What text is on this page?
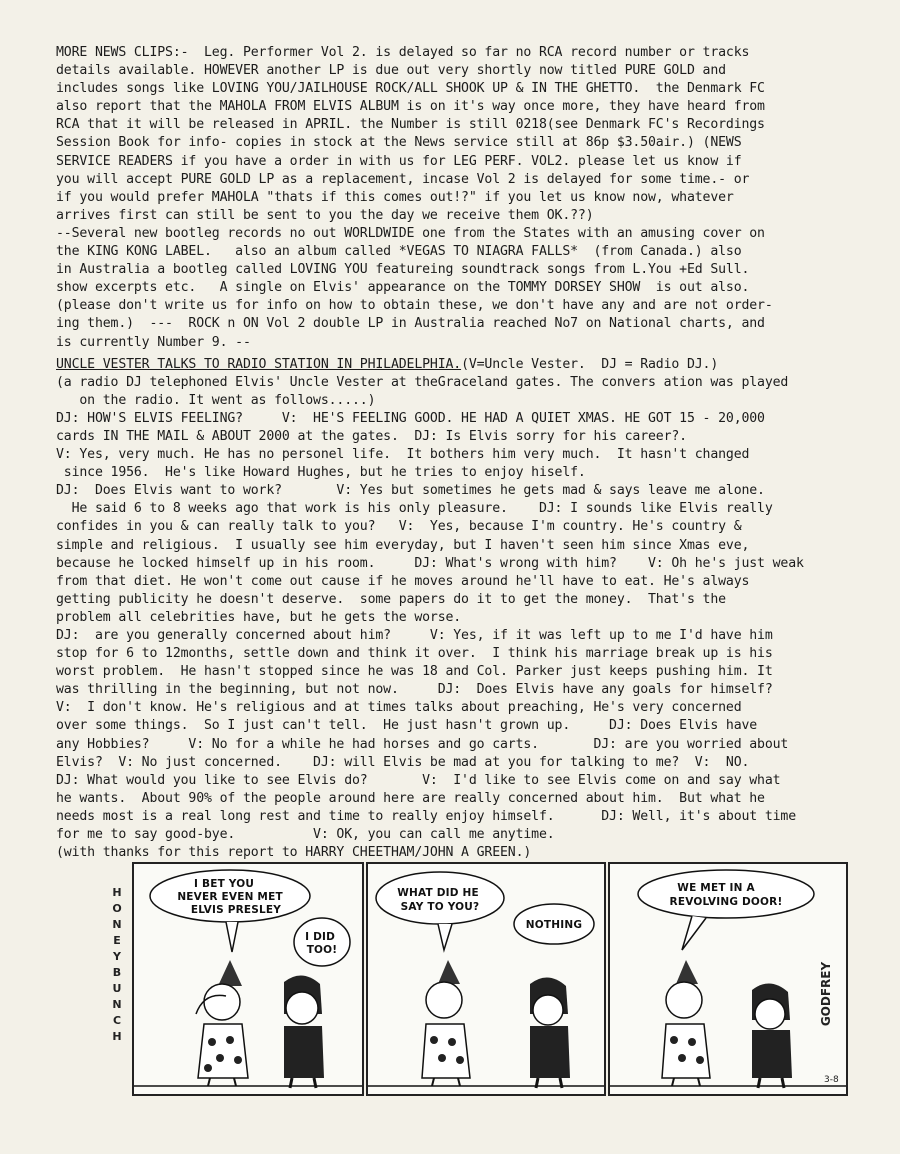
MORE NEWS CLIPS:-  Leg. Performer Vol 2. is delayed so far no RCA record number or tracks
details available. HOWEVER another LP is due out very shortly now titled PURE GOLD and
includes songs like LOVING YOU/JAILHOUSE ROCK/ALL SHOOK UP & IN THE GHETTO.  the Denmark FC
also report that the MAHOLA FROM ELVIS ALBUM is on it's way once more, they have heard from
RCA that it will be released in APRIL. the Number is still 0218(see Denmark FC's Recordings
Session Book for info- copies in stock at the News service still at 86p $3.50air.) (NEWS
SERVICE READERS if you have a order in with us for LEG PERF. VOL2. please let us know if
you will accept PURE GOLD LP as a replacement, incase Vol 2 is delayed for some time.- or
if you would prefer MAHOLA "thats if this comes out!?" if you let us know now, whatever
arrives first can still be sent to you the day we receive them OK.??)
--Several new bootleg records no out WORLDWIDE one from the States with an amusing cover on
the KING KONG LABEL.   also an album called *VEGAS TO NIAGRA FALLS*  (from Canada.) also
in Australia a bootleg called LOVING YOU featureing soundtrack songs from L.You +Ed Sull.
show excerpts etc.   A single on Elvis' appearance on the TOMMY DORSEY SHOW  is out also.
(please don't write us for info on how to obtain these, we don't have any and are not order-
ing them.)  ---  ROCK n ON Vol 2 double LP in Australia reached No7 on National charts, and
is currently Number 9. --
UNCLE VESTER TALKS TO RADIO STATION IN PHILADELPHIA.(V=Uncle Vester.  DJ = Radio DJ.)
(a radio DJ telephoned Elvis' Uncle Vester at theGraceland gates. The convers ation was played
on the radio. It went as follows.....)
DJ: HOW'S ELVIS FEELING?     V:  HE'S FEELING GOOD. HE HAD A QUIET XMAS. HE GOT 15 - 20,000
cards IN THE MAIL & ABOUT 2000 at the gates.  DJ: Is Elvis sorry for his career?.
V: Yes, very much. He has no personel life.  It bothers him very much.  It hasn't changed
since 1956.  He's like Howard Hughes, but he tries to enjoy hiself.
DJ:  Does Elvis want to work?       V: Yes but sometimes he gets mad & says leave me alone.
He said 6 to 8 weeks ago that work is his only pleasure.    DJ: I sounds like Elvis really
confides in you & can really talk to you?   V:  Yes, because I'm country. He's country &
simple and religious.  I usually see him everyday, but I haven't seen him since Xmas eve,
because he locked himself up in his room.     DJ: What's wrong with him?    V: Oh he's just weak
from that diet. He won't come out cause if he moves around he'll have to eat. He's always
getting publicity he doesn't deserve.  some papers do it to get the money.  That's the
problem all celebrities have, but he gets the worse.
DJ:  are you generally concerned about him?     V: Yes, if it was left up to me I'd have him
stop for 6 to 12months, settle down and think it over.  I think his marriage break up is his
worst problem.  He hasn't stopped since he was 18 and Col. Parker just keeps pushing him. It
was thrilling in the beginning, but not now.     DJ:  Does Elvis have any goals for himself?
V:  I don't know. He's religious and at times talks about preaching, He's very concerned
over some things.  So I just can't tell.  He just hasn't grown up.     DJ: Does Elvis have
any Hobbies?     V: No for a while he had horses and go carts.       DJ: are you worried about
Elvis?  V: No just concerned.    DJ: will Elvis be mad at you for talking to me?  V:  NO.
DJ: What would you like to see Elvis do?       V:  I'd like to see Elvis come on and say what
he wants.  About 90% of the people around here are really concerned about him.  But what he
needs most is a real long rest and time to really enjoy himself.      DJ: Well, it's about time
for me to say good-bye.          V: OK, you can call me anytime.
(with thanks for this report to HARRY CHEETHAM/JOHN A GREEN.)
H
O
N
E
Y
B
U
N
C
H
I BET YOU NEVER EVEN MET ELVIS PRESLEY
I DID TOO!
WHAT DID HE SAY TO YOU?
NOTHING
WE MET IN A REVOLVING DOOR!
GODFREY
3-8
